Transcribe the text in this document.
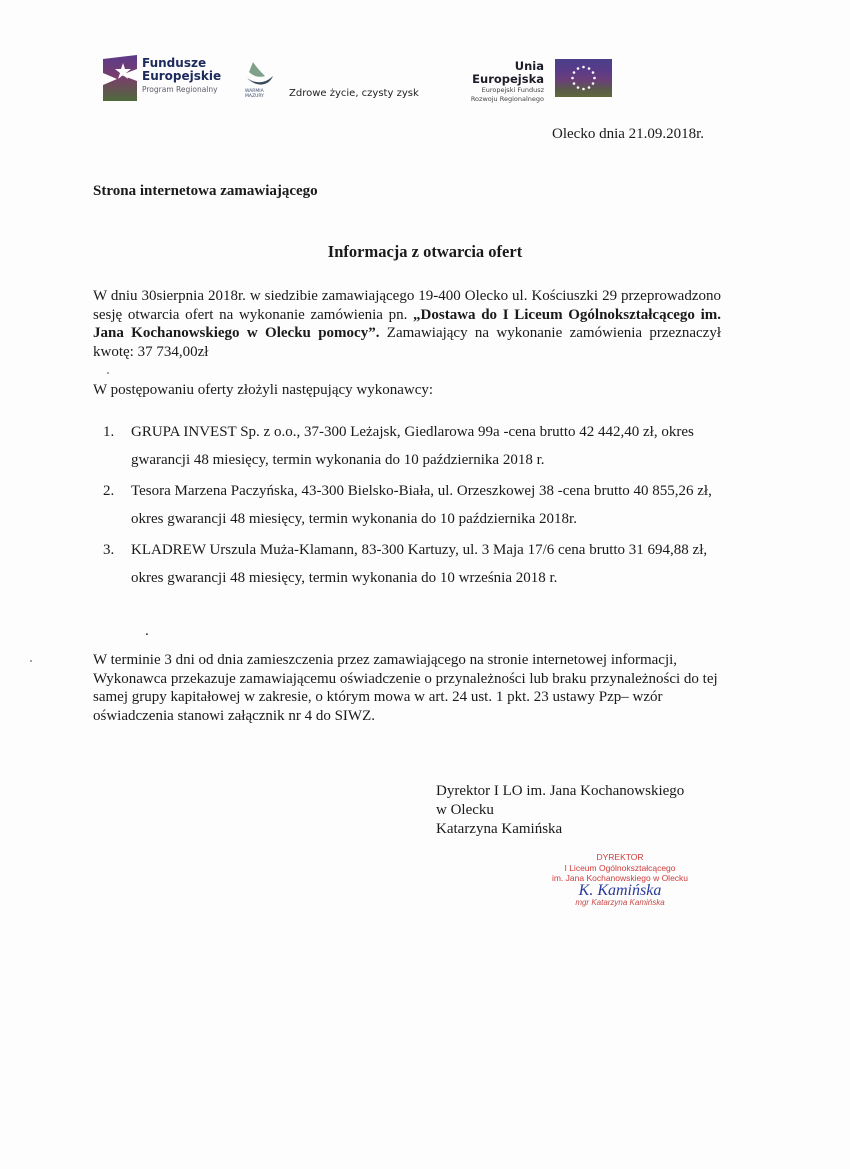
Fundusze
Europejskie
Program Regionalny	WARMIA
MAZURY	Zdrowe życie, czysty zysk
Unia Europejska
Europejski Fundusz
Rozwoju Regionalnego
Olecko dnia 21.09.2018r.
Strona internetowa zamawiającego
Informacja z otwarcia ofert
W dniu 30sierpnia 2018r. w siedzibie zamawiającego 19-400 Olecko ul. Kościuszki 29 przeprowadzono sesję otwarcia ofert na wykonanie zamówienia pn. „Dostawa do I Liceum Ogólnokształcącego im. Jana Kochanowskiego w Olecku pomocy”. Zamawiający na wykonanie zamówienia przeznaczył kwotę: 37 734,00zł
W postępowaniu oferty złożyli następujący wykonawcy:
1.	GRUPA INVEST Sp. z o.o., 37-300 Leżajsk, Giedlarowa 99a -cena brutto 42 442,40 zł, okres gwarancji 48 miesięcy, termin wykonania do 10 października 2018 r.
2.	Tesora Marzena Paczyńska, 43-300 Bielsko-Biała, ul. Orzeszkowej 38 -cena brutto 40 855,26 zł, okres gwarancji 48 miesięcy, termin wykonania do 10 października 2018r.
3.	KLADREW Urszula Muża-Klamann, 83-300 Kartuzy, ul. 3 Maja 17/6 cena brutto 31 694,88 zł, okres gwarancji 48 miesięcy, termin wykonania do 10 września 2018 r.
.
W terminie 3 dni od dnia zamieszczenia przez zamawiającego na stronie internetowej informacji, Wykonawca przekazuje zamawiającemu oświadczenie o przynależności lub braku przynależności do tej samej grupy kapitałowej w zakresie, o którym mowa w art. 24 ust. 1 pkt. 23 ustawy Pzp– wzór oświadczenia stanowi załącznik nr 4 do SIWZ.
Dyrektor I LO im. Jana Kochanowskiego
w Olecku
Katarzyna Kamińska
DYREKTOR
I Liceum Ogólnokształcącego
im. Jana Kochanowskiego w Olecku
K. Kamińska
mgr Katarzyna Kamińska
